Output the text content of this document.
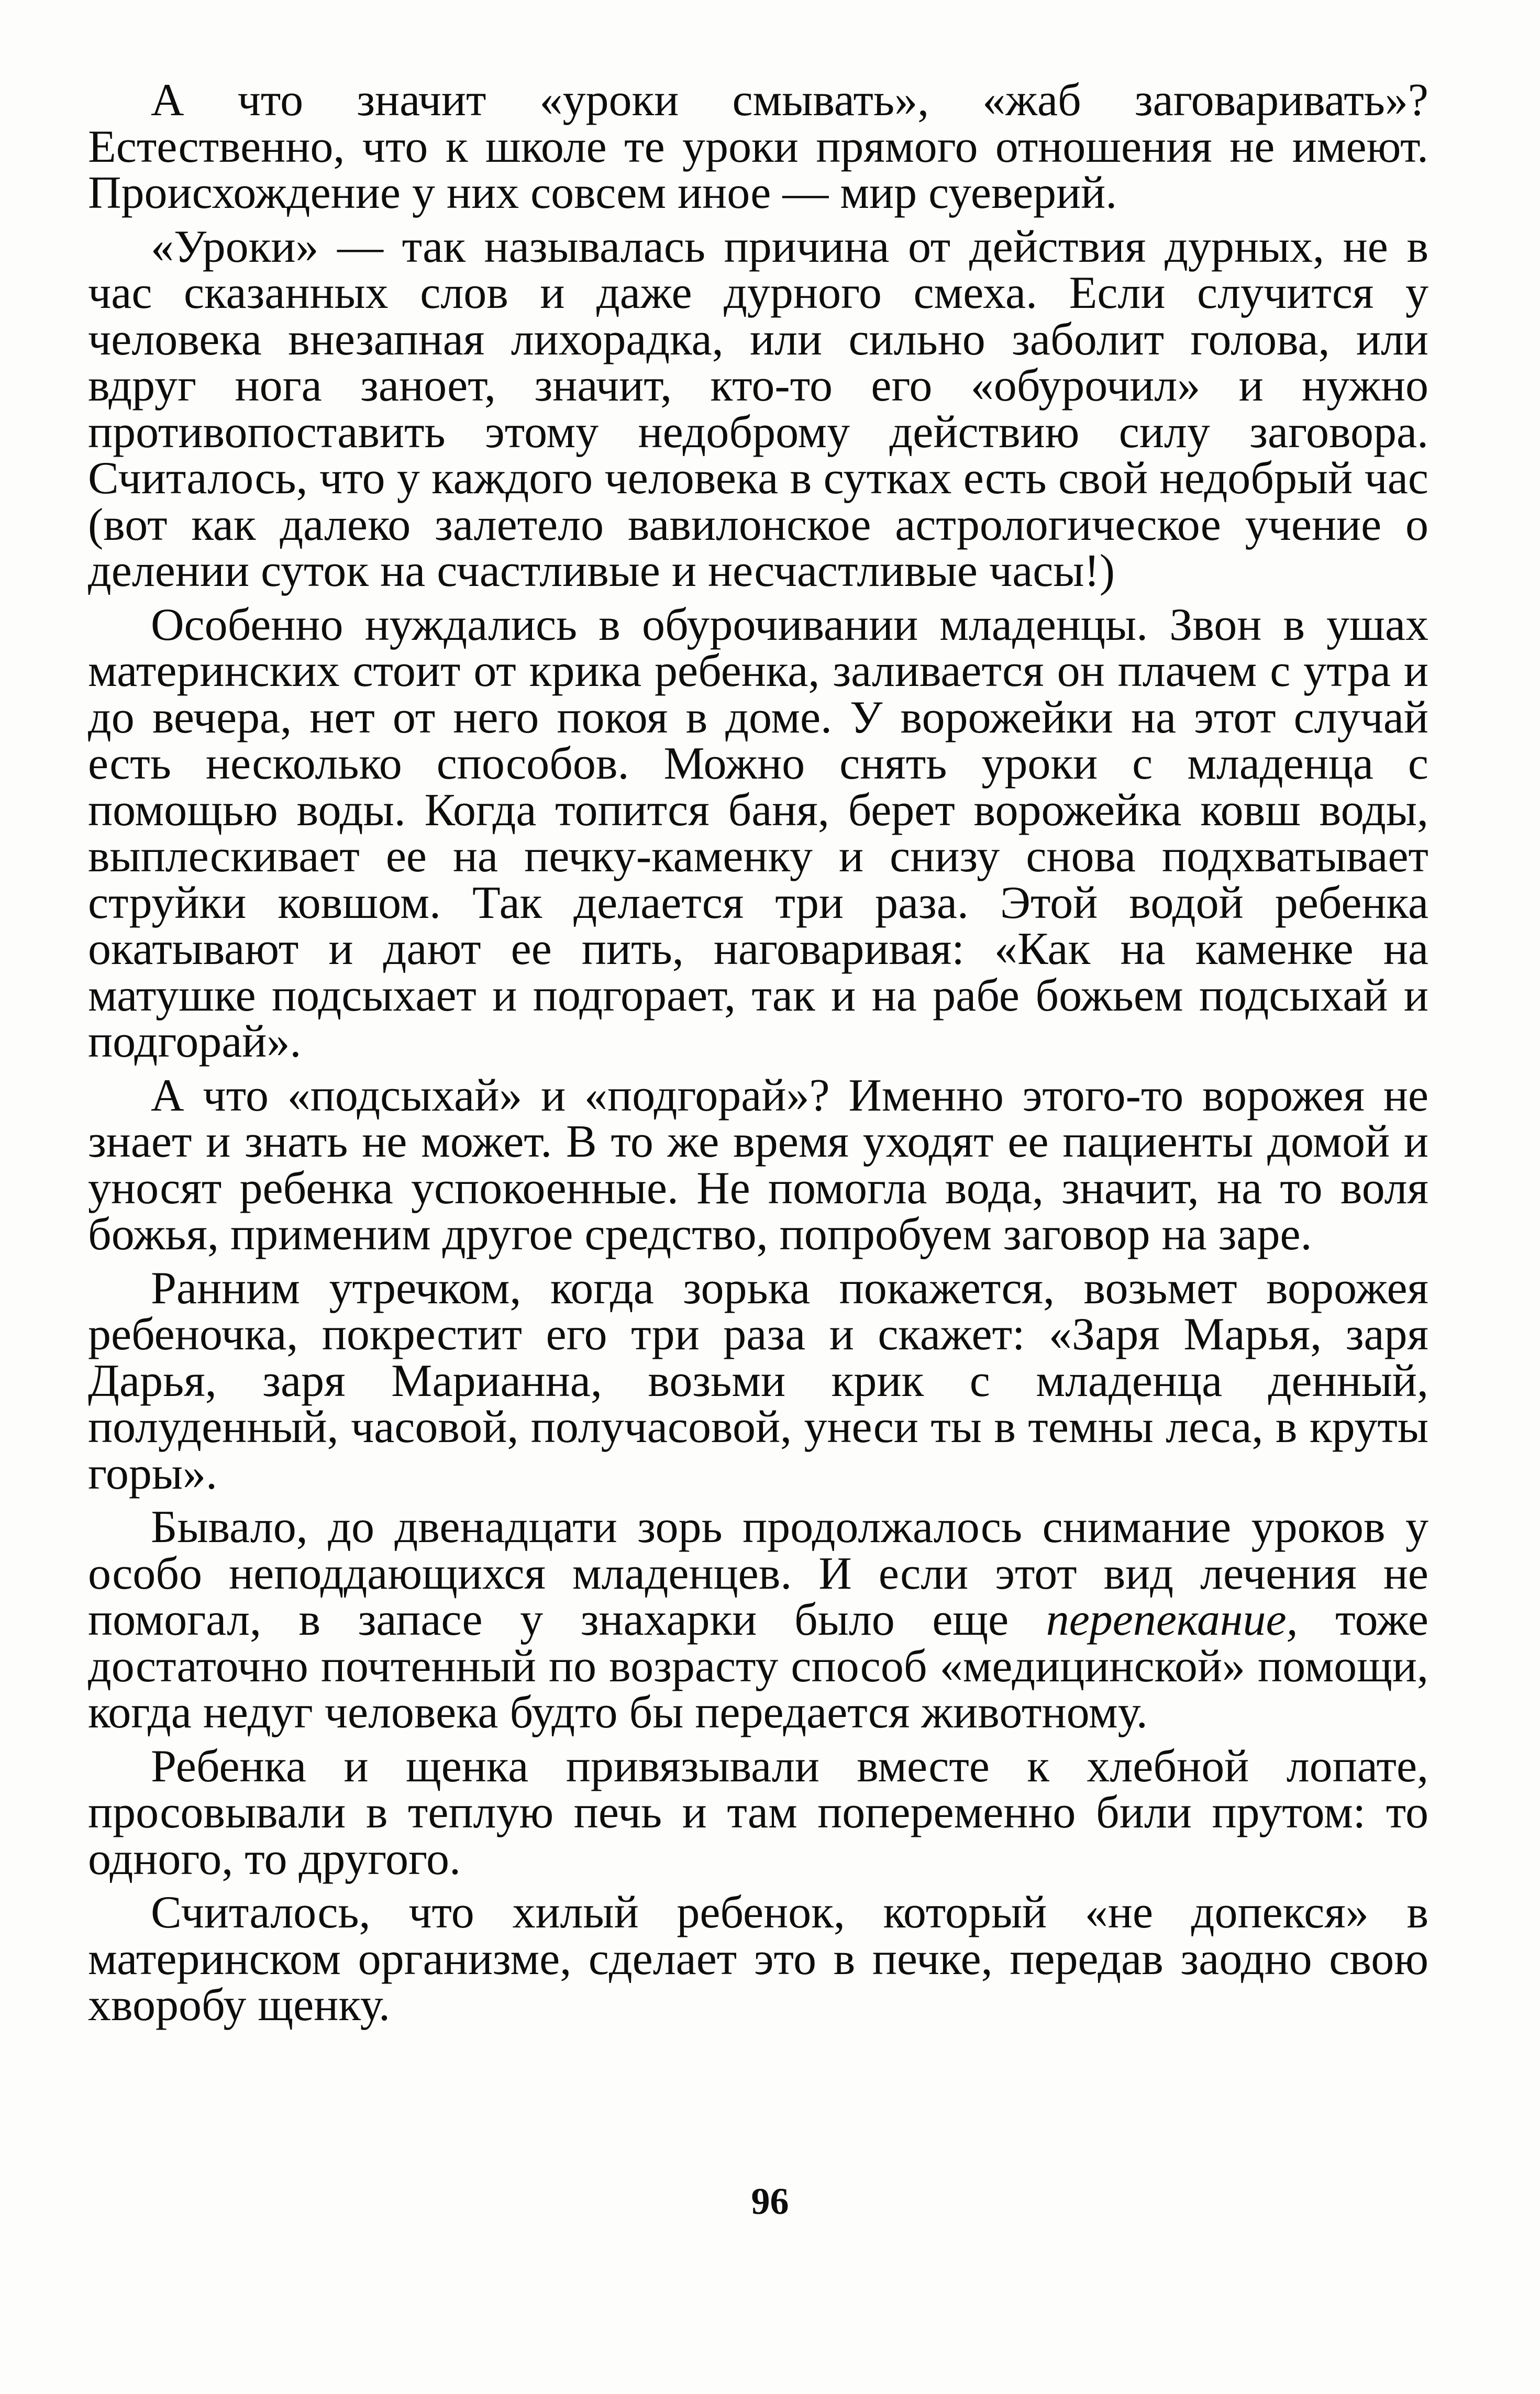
А что значит «уроки смывать», «жаб заговаривать»? Естественно, что к школе те уроки прямого отношения не имеют. Происхождение у них совсем иное — мир суеверий.

«Уроки» — так называлась причина от действия дурных, не в час сказанных слов и даже дурного смеха. Если случится у человека внезапная лихорадка, или сильно заболит голова, или вдруг нога заноет, значит, кто-то его «обурочил» и нужно противопоставить этому недоброму действию силу заговора. Считалось, что у каждого человека в сутках есть свой недобрый час (вот как далеко залетело вавилонское астрологическое учение о делении суток на счастливые и несчастливые часы!)

Особенно нуждались в обурочивании младенцы. Звон в ушах материнских стоит от крика ребенка, заливается он плачем с утра и до вечера, нет от него покоя в доме. У ворожейки на этот случай есть несколько способов. Можно снять уроки с младенца с помощью воды. Когда топится баня, берет ворожейка ковш воды, выплескивает ее на печку-каменку и снизу снова подхватывает струйки ковшом. Так делается три раза. Этой водой ребенка окатывают и дают ее пить, наговаривая: «Как на каменке на матушке подсыхает и подгорает, так и на рабе божьем подсыхай и подгорай».

А что «подсыхай» и «подгорай»? Именно этого-то ворожея не знает и знать не может. В то же время уходят ее пациенты домой и уносят ребенка успокоенные. Не помогла вода, значит, на то воля божья, применим другое средство, попробуем заговор на заре.

Ранним утречком, когда зорька покажется, возьмет ворожея ребеночка, покрестит его три раза и скажет: «Заря Марья, заря Дарья, заря Марианна, возьми крик с младенца денный, полуденный, часовой, получасовой, унеси ты в темны леса, в круты горы».

Бывало, до двенадцати зорь продолжалось снимание уроков у особо неподдающихся младенцев. И если этот вид лечения не помогал, в запасе у знахарки было еще перепекание, тоже достаточно почтенный по возрасту способ «медицинской» помощи, когда недуг человека будто бы передается животному.

Ребенка и щенка привязывали вместе к хлебной лопате, просовывали в теплую печь и там попеременно били прутом: то одного, то другого.

Считалось, что хилый ребенок, который «не допекся» в материнском организме, сделает это в печке, передав заодно свою хворобу щенку.

96
